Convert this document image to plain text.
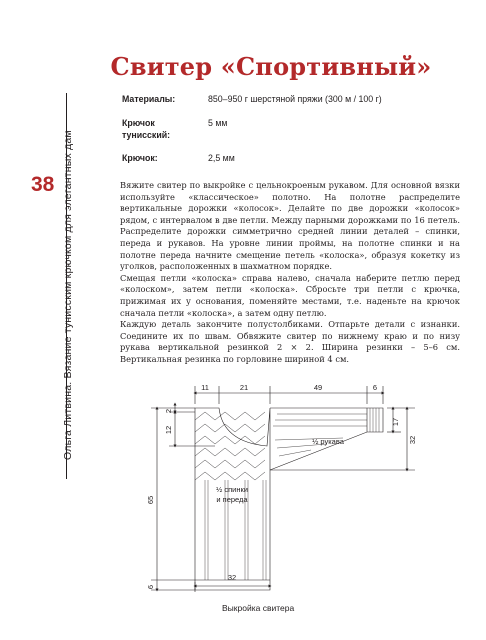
Свитер «Спортивный»
Материалы:	850–950 г шерстяной пряжи (300 м / 100 г)
Крючок тунисский:
5 мм
Крючок:	2,5 мм
Ольга Литвина. Вязание тунисским крючком для элегантных дам
38	Вяжите свитер по выкройке с цельнокроеным рукавом. Для основной вязки используйте «классическое» полотно. На полотне распределите вертикальные дорожки «колосок». Делайте по две дорожки «колосок» рядом, с интервалом в две петли. Между парными дорожками по 16 петель. Распределите дорожки симметрично средней линии деталей – спинки, переда и рукавов. На уровне линии проймы, на полотне спинки и на полотне переда начните смещение петель «колоска», образуя кокетку из уголков, расположенных в шахматном порядке.

Смещая петли «колоска» справа налево, сначала наберите петлю перед «колоском», затем петли «колоска». Сбросьте три петли с крючка, прижимая их у основания, поменяйте местами, т.е. наденьте на крючок сначала петли «колоска», а затем одну петлю.

Каждую деталь закончите полустолбиками. Отпарьте детали с изнанки. Соедините их по швам. Обвяжите свитер по нижнему краю и по низу рукава вертикальной резинкой 2 × 2. Ширина резинки – 5–6 см. Вертикальная резинка по горловине шириной 4 см.

11	21	49	6
2
12
65
6
17
32
32
½ рукава
½ спинки
и переда
Выкройка свитера
